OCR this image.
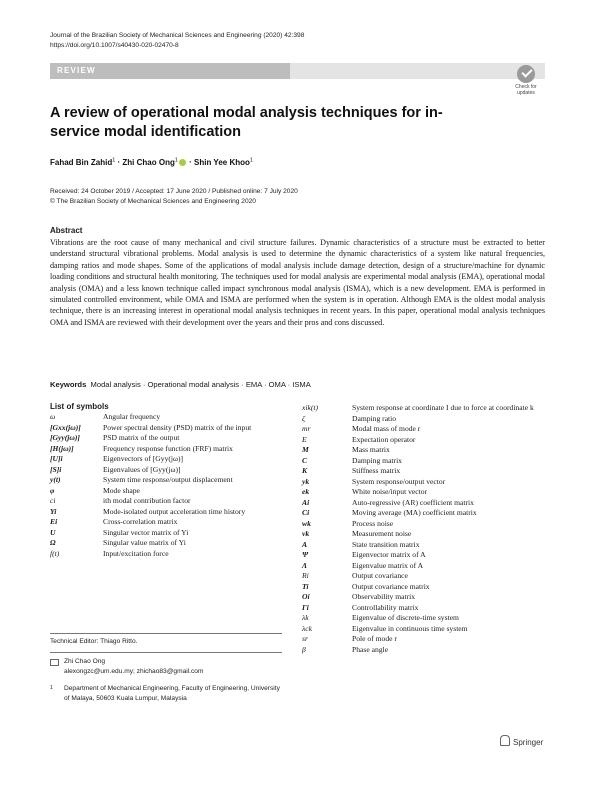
Journal of the Brazilian Society of Mechanical Sciences and Engineering (2020) 42:398
https://doi.org/10.1007/s40430-020-02470-8
REVIEW
Check for
updates
A review of operational modal analysis techniques for in-service modal identification
Fahad Bin Zahid$^1$ · Zhi Chao Ong$^1$ · Shin Yee Khoo$^1$
Received: 24 October 2019 / Accepted: 17 June 2020 / Published online: 7 July 2020
© The Brazilian Society of Mechanical Sciences and Engineering 2020
Abstract
Vibrations are the root cause of many mechanical and civil structure failures. Dynamic characteristics of a structure must be extracted to better understand structural vibrational problems. Modal analysis is used to determine the dynamic characteristics of a system like natural frequencies, damping ratios and mode shapes. Some of the applications of modal analysis include damage detection, design of a structure/machine for dynamic loading conditions and structural health monitoring. The techniques used for modal analysis are experimental modal analysis (EMA), operational modal analysis (OMA) and a less known technique called impact synchronous modal analysis (ISMA), which is a new development. EMA is performed in simulated controlled environment, while OMA and ISMA are performed when the system is in operation. Although EMA is the oldest modal analysis technique, there is an increasing interest in operational modal analysis techniques in recent years. In this paper, operational modal analysis techniques OMA and ISMA are reviewed with their development over the years and their pros and cons discussed.
Keywords Modal analysis · Operational modal analysis · EMA · OMA · ISMA
List of symbols
ω	Angular frequency
[Gxx(jω)]	Power spectral density (PSD) matrix of the input
[Gyy(jω)]	PSD matrix of the output
[H(jω)]	Frequency response function (FRF) matrix
[U]i	Eigenvectors of [Gyy(jω)]
[S]i	Eigenvalues of [Gyy(jω)]
y(t)	System time response/output displacement
φ	Mode shape
ci	ith modal contribution factor
Yi	Mode-isolated output acceleration time history
Ei	Cross-correlation matrix
U	Singular vector matrix of Yi
Ω	Singular value matrix of Yi
f(t)	Input/excitation force
xik(t)	System response at coordinate I due to force at coordinate k
ζ	Damping ratio
mr	Modal mass of mode r
E	Expectation operator
M	Mass matrix
C	Damping matrix
K	Stiffness matrix
yk	System response/output vector
ek	White noise/input vector
Ai	Auto-regressive (AR) coefficient matrix
Ci	Moving average (MA) coefficient matrix
wk	Process noise
vk	Measurement noise
A	State transition matrix
Ψ	Eigenvector matrix of A
Λ	Eigenvalue matrix of A
Ri	Output covariance
Ti	Output covariance matrix
Oi	Observability matrix
Γi	Controllability matrix
λk	Eigenvalue of discrete-time system
λck	Eigenvalue in continuous time system
sr	Pole of mode r
β	Phase angle
Technical Editor: Thiago Ritto.
Zhi Chao Ong
alexongzc@um.edu.my; zhichao83@gmail.com
1 Department of Mechanical Engineering, Faculty of Engineering, University of Malaya, 50603 Kuala Lumpur, Malaysia
Springer
